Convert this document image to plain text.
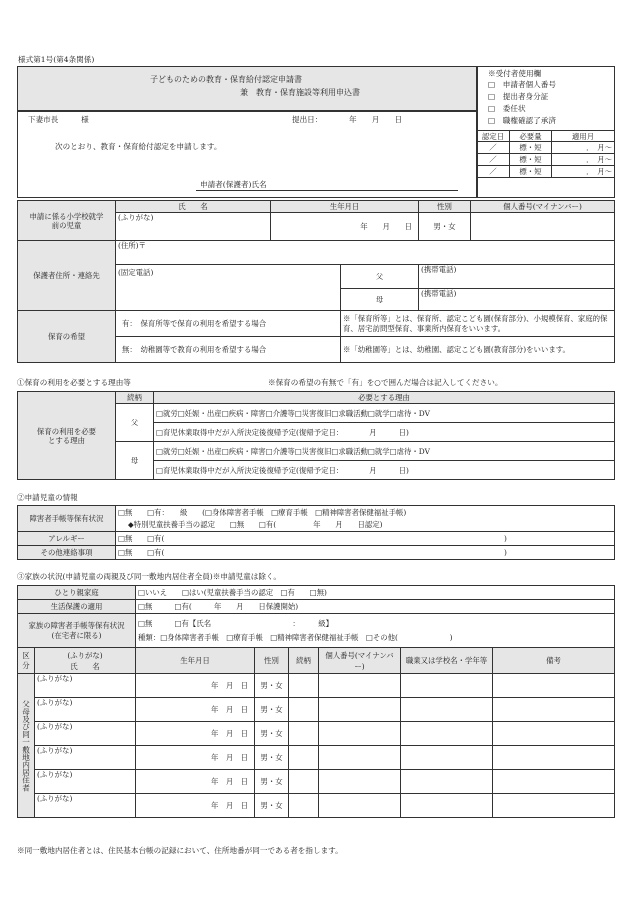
様式第1号(第4条関係)
子どものための教育・保育給付認定申請書
兼　教育・保育施設等利用申込書
下妻市長　　　様	提出日：　　　　年　　月　　日
次のとおり、教育・保育給付認定を申請します。
申請者(保護者)氏名
※受付者使用欄
□　申請者個人番号
□　提出者身分証
□　委任状
□　職権確認了承済
認定日	必要量	適用月
／	標・短	．　月～
／	標・短	．　月～
／	標・短	．　月～
申請に係る小学校就学前の児童	氏　　名	生年月日		性別	個人番号(マイナンバー)
	(ふりがな)	年　　月　　日		男・女	
保護者住所・連絡先	(住所)〒				
	(固定電話)		父	(携帯電話)	
			母	(携帯電話)	
保育の希望	有：　保育所等で保育の利用を希望する場合		※「保育所等」とは、保育所、認定こども園(保育部分)、小規模保育、家庭的保育、居宅訪問型保育、事業所内保育をいいます。		
	無：　幼稚園等で教育の利用を希望する場合		※「幼稚園等」とは、幼稚園、認定こども園(教育部分)をいいます。		
①保育の利用を必要とする理由等	※保育の希望の有無で「有」を○で囲んだ場合は記入してください。
保育の利用を必要とする理由	続柄	必要とする理由
	父	□就労□妊娠・出産□疾病・障害□介護等□災害復旧□求職活動□就学□虐待・DV
		□育児休業取得中だが入所決定後復帰予定(復帰予定日：　　　　月　　　日)
	母	□就労□妊娠・出産□疾病・障害□介護等□災害復旧□求職活動□就学□虐待・DV
		□育児休業取得中だが入所決定後復帰予定(復帰予定日：　　　　月　　　日)
②申請児童の情報
障害者手帳等保有状況	□無　　□有：　　級　　(□身体障害者手帳　□療育手帳　□精神障害者保健福祉手帳)
◆特別児童扶養手当の認定　　□無　　□有(　　　　　年　　月　　日認定)

アレルギー	□無　　□有( )

その他連絡事項	□無　　□有( )
③家族の状況(申請児童の両親及び同一敷地内居住者全員)※申請児童は除く。
ひとり親家庭		□いいえ　　□はい(児童扶養手当の認定　□有　　□無)					
生活保護の適用		□無　　　□有(　　　年　　月　　日保護開始)					
家族の障害者手帳等保有状況(在宅者に限る)		□無　　　□有【氏名　　　　　　　　　　　：　　　級】
種類：□身体障害者手帳　□療育手帳　□精神障害者保健福祉手帳　□その他(　　　　　　　)					

区分	(ふりがな)
氏　　名	生年月日	性別	続柄	個人番号(マイナンバー)	職業又は学校名・学年等	備考
父母及び同一敷地内居住者	(ふりがな)	年　月　日	男・女				
	(ふりがな)	年　月　日	男・女				
	(ふりがな)	年　月　日	男・女				
	(ふりがな)	年　月　日	男・女				
	(ふりがな)	年　月　日	男・女				
	(ふりがな)	年　月　日	男・女				
※同一敷地内居住者とは、住民基本台帳の記録において、住所地番が同一である者を指します。
